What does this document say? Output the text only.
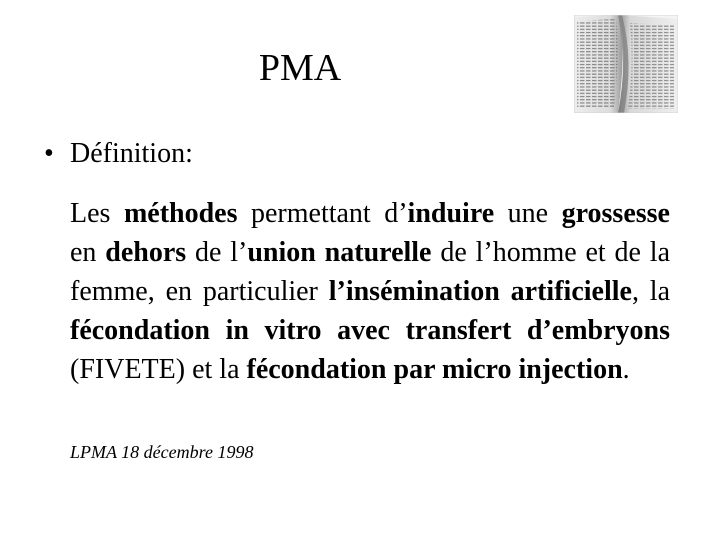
PMA
• Définition:
Les méthodes permettant d’induire une grossesse en dehors de l’union naturelle de l’homme et de la femme, en particulier l’insémination artificielle, la fécondation in vitro avec transfert d’embryons (FIVETE) et la fécondation par micro injection.
LPMA 18 décembre 1998
